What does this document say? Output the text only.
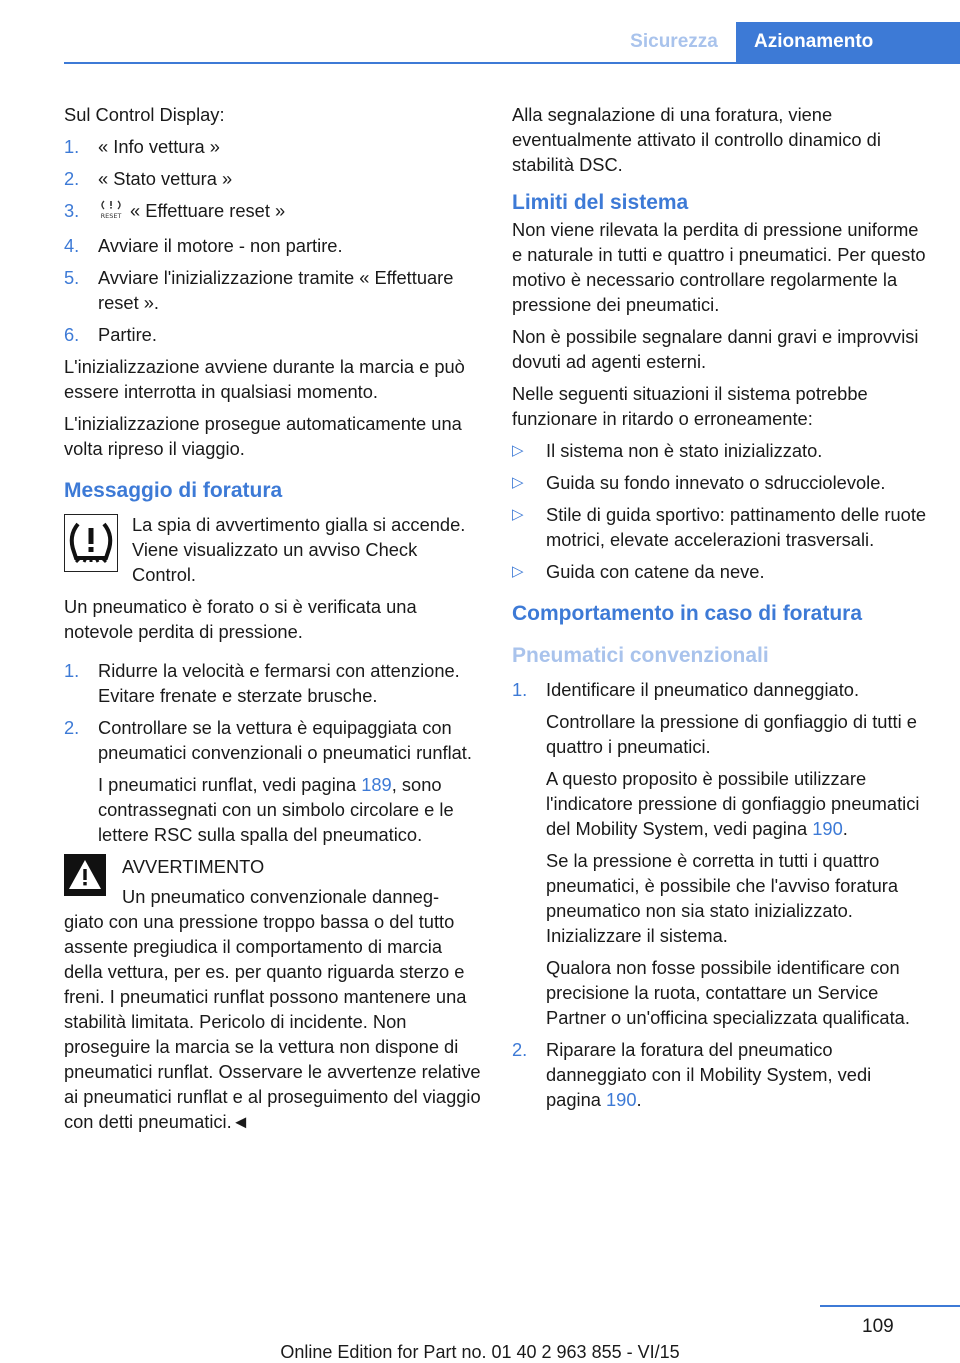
Sicurezza	Azionamento

Sul Control Display:

1. « Info vettura »
2. « Stato vettura »
3.	RESET « Effettuare reset »
4. Avviare il motore - non partire.
5. Avviare l'inizializzazione tramite « Effettuare reset ».
6. Partire.

L'inizializzazione avviene durante la marcia e può essere interrotta in qualsiasi momento.

L'inizializzazione prosegue automaticamente una volta ripreso il viaggio.

Messaggio di foratura
La spia di avvertimento gialla si accende. Viene visualizzato un avviso Check Control.

Un pneumatico è forato o si è verificata una notevole perdita di pressione.

1. Ridurre la velocità e fermarsi con attenzione. Evitare frenate e sterzate brusche.
2. Controllare se la vettura è equipaggiata con pneumatici convenzionali o pneumatici runflat.

I pneumatici runflat, vedi pagina 189, sono contrassegnati con un simbolo circolare e le lettere RSC sulla spalla del pneumatico.

AVVERTIMENTO
Un pneumatico convenzionale danneg-
giato con una pressione troppo bassa o del tutto assente pregiudica il comportamento di marcia della vettura, per es. per quanto riguarda sterzo e freni. I pneumatici runflat possono mantenere una stabilità limitata. Pericolo di incidente. Non proseguire la marcia se la vettura non dispone di pneumatici runflat. Osservare le avvertenze relative ai pneumatici runflat e al proseguimento del viaggio con detti pneumatici.◄

Alla segnalazione di una foratura, viene eventualmente attivato il controllo dinamico di stabilità DSC.

Limiti del sistema

Non viene rilevata la perdita di pressione uniforme e naturale in tutti e quattro i pneumatici. Per questo motivo è necessario controllare regolarmente la pressione dei pneumatici.

Non è possibile segnalare danni gravi e improvvisi dovuti ad agenti esterni.

Nelle seguenti situazioni il sistema potrebbe funzionare in ritardo o erroneamente:

▷ Il sistema non è stato inizializzato.
▷ Guida su fondo innevato o sdrucciolevole.
▷ Stile di guida sportivo: pattinamento delle ruote motrici, elevate accelerazioni trasversali.
▷ Guida con catene da neve.
Comportamento in caso di foratura
Pneumatici convenzionali
1. Identificare il pneumatico danneggiato.

Controllare la pressione di gonfiaggio di tutti e quattro i pneumatici.

A questo proposito è possibile utilizzare l'indicatore pressione di gonfiaggio pneumatici del Mobility System, vedi pagina 190.

Se la pressione è corretta in tutti i quattro pneumatici, è possibile che l'avviso foratura pneumatico non sia stato inizializzato. Inizializzare il sistema.

Qualora non fosse possibile identificare con precisione la ruota, contattare un Service Partner o un'officina specializzata qualificata.

2. Riparare la foratura del pneumatico danneggiato con il Mobility System, vedi pagina 190.

109
Online Edition for Part no. 01 40 2 963 855 - VI/15
